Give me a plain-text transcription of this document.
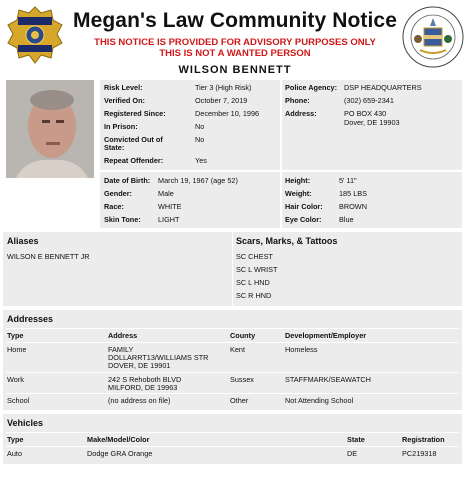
Megan's Law Community Notice
THIS NOTICE IS PROVIDED FOR ADVISORY PURPOSES ONLY
THIS IS NOT A WANTED PERSON
WILSON BENNETT
Risk Level:	Tier 3 (High Risk)
Verified On:	October 7, 2019
Registered Since:	December 10, 1996
In Prison:	No
Convicted Out of
State:
No
Repeat Offender:	Yes
Police Agency: DSP HEADQUARTERS
Phone:	(302) 659-2341
Address:	PO BOX 430
Dover, DE 19903
Date of Birth: March 19, 1967 (age 52)
Gender:	Male
Race:	WHITE
Skin Tone: LIGHT
Height:	5' 11"
Weight:	185 LBS
Hair Color: BROWN
Eye Color: Blue
Aliases
WILSON E BENNETT JR
Scars, Marks, & Tattoos
SC CHEST
SC L WRIST
SC L HND
SC R HND
Addresses
Type	Address	County	Development/Employer
Home	FAMILY
DOLLARRT13/WILLIAMS STR
DOVER, DE 19901
Kent	Homeless
Work	242 S Rehoboth BLVD
MILFORD, DE 19963
Sussex	STAFFMARK/SEAWATCH
School	(no address on file)	Other	Not Attending School
Vehicles
Type	Make/Model/Color	State	Registration
Auto	Dodge GRA Orange	DE	PC219318
